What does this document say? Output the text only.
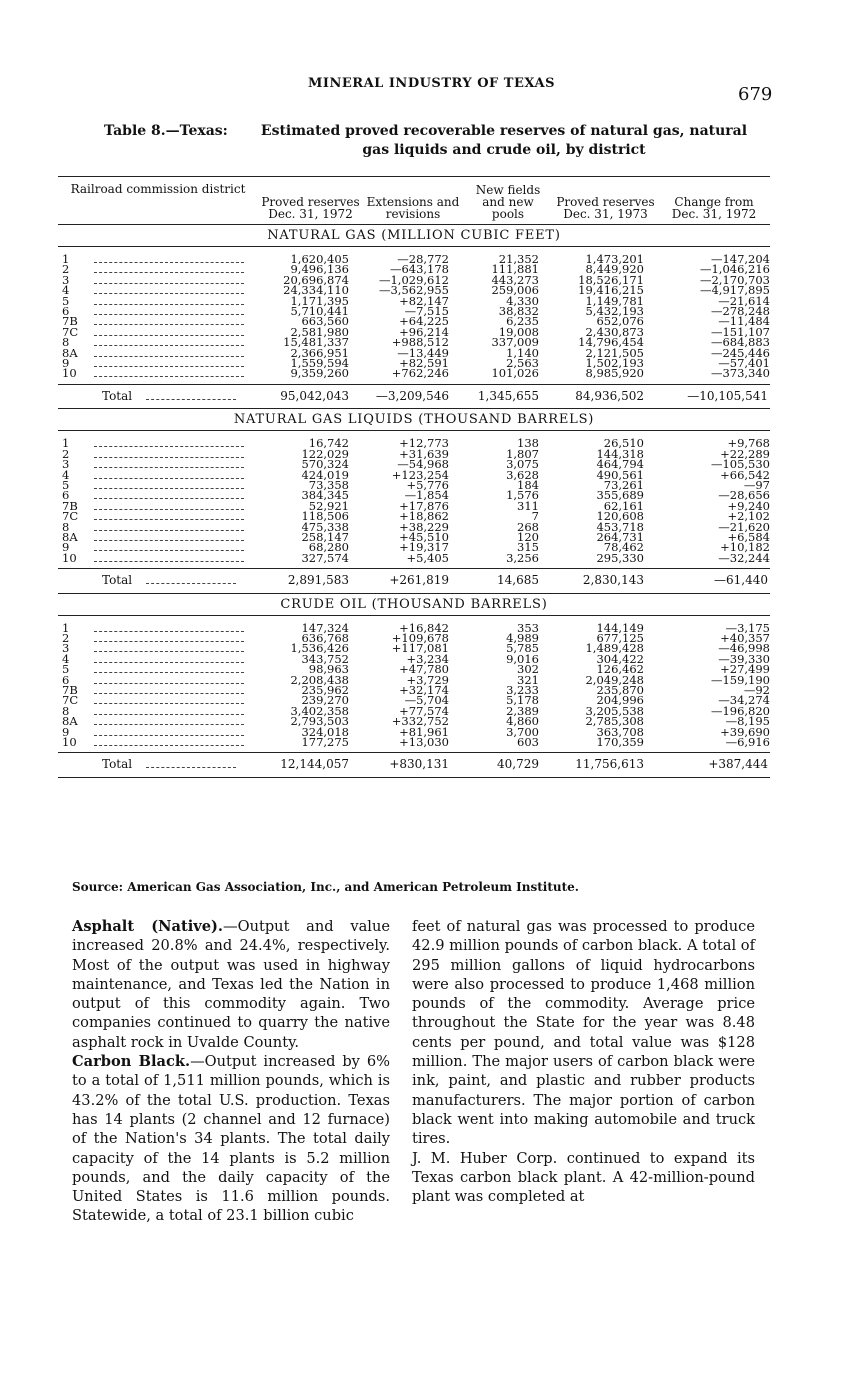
MINERAL INDUSTRY OF TEXAS
679
Table 8.—Texas:	Estimated proved recoverable reserves of natural gas, natural gas liquids and crude oil, by district
Railroad commission district	Proved reserves Dec. 31, 1972	Extensions and revisions	New fields and new pools	Proved reserves Dec. 31, 1973	Change from Dec. 31, 1972
NATURAL GAS (MILLION CUBIC FEET)					
1	1,620,405	—28,772	21,352	1,473,201	—147,204
2	9,496,136	—643,178	111,881	8,449,920	—1,046,216
3	20,696,874	—1,029,612	443,273	18,526,171	—2,170,703
4	24,334,110	—3,562,955	259,006	19,416,215	—4,917,895
5	1,171,395	+82,147	4,330	1,149,781	—21,614
6	5,710,441	—7,515	38,832	5,432,193	—278,248
7B	663,560	+64,225	6,235	652,076	—11,484
7C	2,581,980	+96,214	19,008	2,430,873	—151,107
8	15,481,337	+988,512	337,009	14,796,454	—684,883
8A	2,366,951	—13,449	1,140	2,121,505	—245,446
9	1,559,594	+82,591	2,563	1,502,193	—57,401
10	9,359,260	+762,246	101,026	8,985,920	—373,340
Total	95,042,043	—3,209,546	1,345,655	84,936,502	—10,105,541
NATURAL GAS LIQUIDS (THOUSAND BARRELS)					
1	16,742	+12,773	138	26,510	+9,768
2	122,029	+31,639	1,807	144,318	+22,289
3	570,324	—54,968	3,075	464,794	—105,530
4	424,019	+123,254	3,628	490,561	+66,542
5	73,358	+5,776	184	73,261	—97
6	384,345	—1,854	1,576	355,689	—28,656
7B	52,921	+17,876	311	62,161	+9,240
7C	118,506	+18,862	7	120,608	+2,102
8	475,338	+38,229	268	453,718	—21,620
8A	258,147	+45,510	120	264,731	+6,584
9	68,280	+19,317	315	78,462	+10,182
10	327,574	+5,405	3,256	295,330	—32,244
Total	2,891,583	+261,819	14,685	2,830,143	—61,440
CRUDE OIL (THOUSAND BARRELS)					
1	147,324	+16,842	353	144,149	—3,175
2	636,768	+109,678	4,989	677,125	+40,357
3	1,536,426	+117,081	5,785	1,489,428	—46,998
4	343,752	+3,234	9,016	304,422	—39,330
5	98,963	+47,780	302	126,462	+27,499
6	2,208,438	+3,729	321	2,049,248	—159,190
7B	235,962	+32,174	3,233	235,870	—92
7C	239,270	—5,704	5,178	204,996	—34,274
8	3,402,358	+77,574	2,389	3,205,538	—196,820
8A	2,793,503	+332,752	4,860	2,785,308	—8,195
9	324,018	+81,961	3,700	363,708	+39,690
10	177,275	+13,030	603	170,359	—6,916
Total	12,144,057	+830,131	40,729	11,756,613	+387,444
Source: American Gas Association, Inc., and American Petroleum Institute.

Asphalt (Native).—Output and value increased 20.8% and 24.4%, respectively. Most of the output was used in highway maintenance, and Texas led the Nation in output of this commodity again. Two companies continued to quarry the native asphalt rock in Uvalde County.

Carbon Black.—Output increased by 6% to a total of 1,511 million pounds, which is 43.2% of the total U.S. production. Texas has 14 plants (2 channel and 12 furnace) of the Nation's 34 plants. The total daily capacity of the 14 plants is 5.2 million pounds, and the daily capacity of the United States is 11.6 million pounds. Statewide, a total of 23.1 billion cubic

feet of natural gas was processed to produce 42.9 million pounds of carbon black. A total of 295 million gallons of liquid hydrocarbons were also processed to produce 1,468 million pounds of the commodity. Average price throughout the State for the year was 8.48 cents per pound, and total value was $128 million. The major users of carbon black were ink, paint, and plastic and rubber products manufacturers. The major portion of carbon black went into making automobile and truck tires.

J. M. Huber Corp. continued to expand its Texas carbon black plant. A 42-million-pound plant was completed at
